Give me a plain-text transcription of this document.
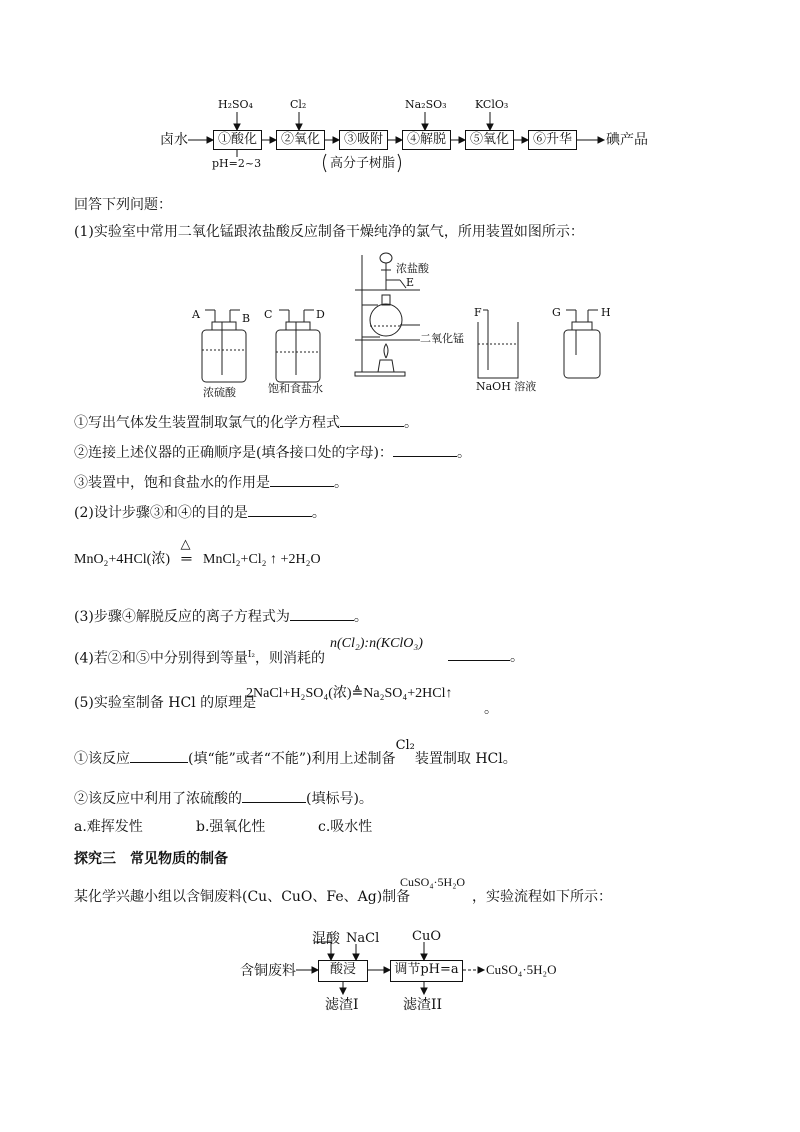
卤水	①酸化	②氧化	③吸附	④解脱	⑤氧化	⑥升华	碘产品
H₂SO₄	Cl₂	Na₂SO₃	KClO₃
pH=2~3	高分子树脂
回答下列问题：
(1)实验室中常用二氧化锰跟浓盐酸反应制备干燥纯净的氯气，所用装置如图所示：
A	B C	D
E
F	G	H
浓硫酸	饱和食盐水
浓盐酸
二氧化锰
NaOH 溶液
①写出气体发生装置制取氯气的化学方程式	。
②连接上述仪器的正确顺序是(填各接口处的字母)：	。
③装置中，饱和食盐水的作用是	。
(2)设计步骤③和④的目的是	。
MnO₂+4HCl(浓)
△
═ MnCl₂+Cl₂ ↑ +2H₂O
(3)步骤④解脱反应的离子方程式为	。
(4)若②和⑤中分别得到等量$^{I_2}$，则消耗的
n(Cl₂):n(KClO₃)
。
(5)实验室制备 HCl 的原理是
2NaCl+H₂SO₄(浓)≜Na₂SO₄+2HCl↑
。
①该反应	(填“能”或者“不能”)利用上述制备Cl₂装置制取 HCl。
②该反应中利用了浓硫酸的	(填标号)。
a.难挥发性	b.强氧化性	c.吸水性
探究三　常见物质的制备
某化学兴趣小组以含铜废料(Cu、CuO、Fe、Ag)制备
CuSO₄·5H₂O
，实验流程如下所示：
含铜废料	酸浸	调节pH=a	CuSO₄·5H₂O
混酸 NaCl	CuO
滤渣I	滤渣II
